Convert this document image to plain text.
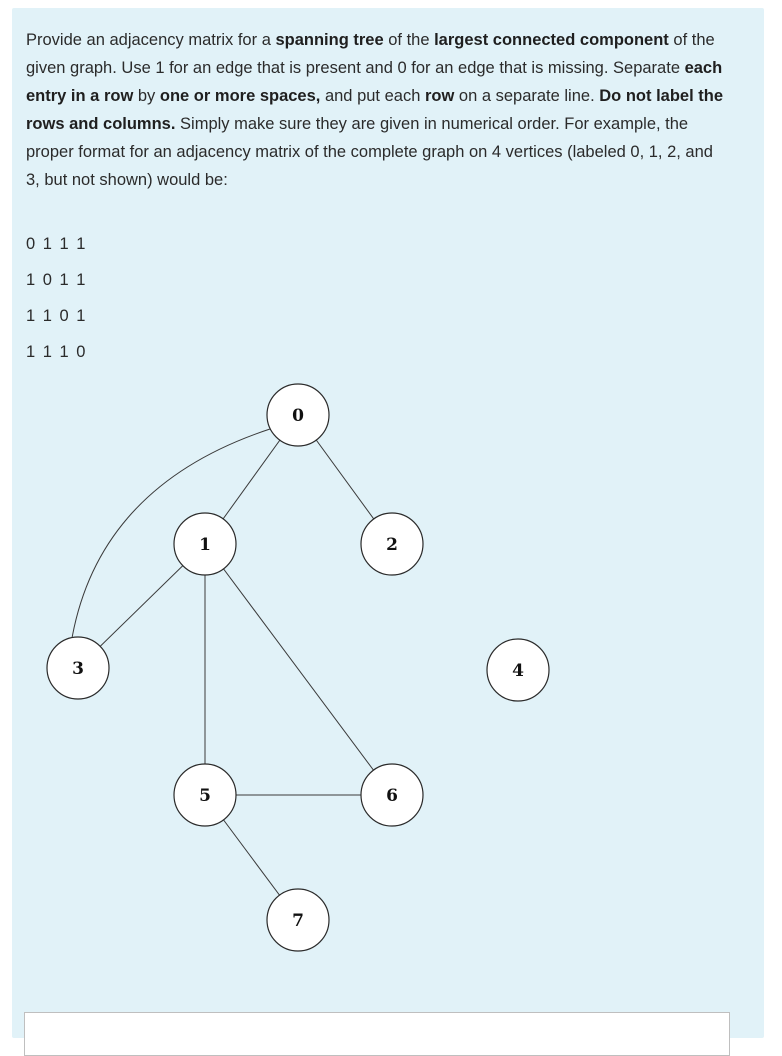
Provide an adjacency matrix for a spanning tree of the largest connected component of the given graph. Use 1 for an edge that is present and 0 for an edge that is missing. Separate each entry in a row by one or more spaces, and put each row on a separate line. Do not label the rows and columns. Simply make sure they are given in numerical order. For example, the proper format for an adjacency matrix of the complete graph on 4 vertices (labeled 0, 1, 2, and 3, but not shown) would be:

0 1 1 1
1 0 1 1
1 1 0 1
1 1 1 0
0
1	2
3	4
5	6
7
